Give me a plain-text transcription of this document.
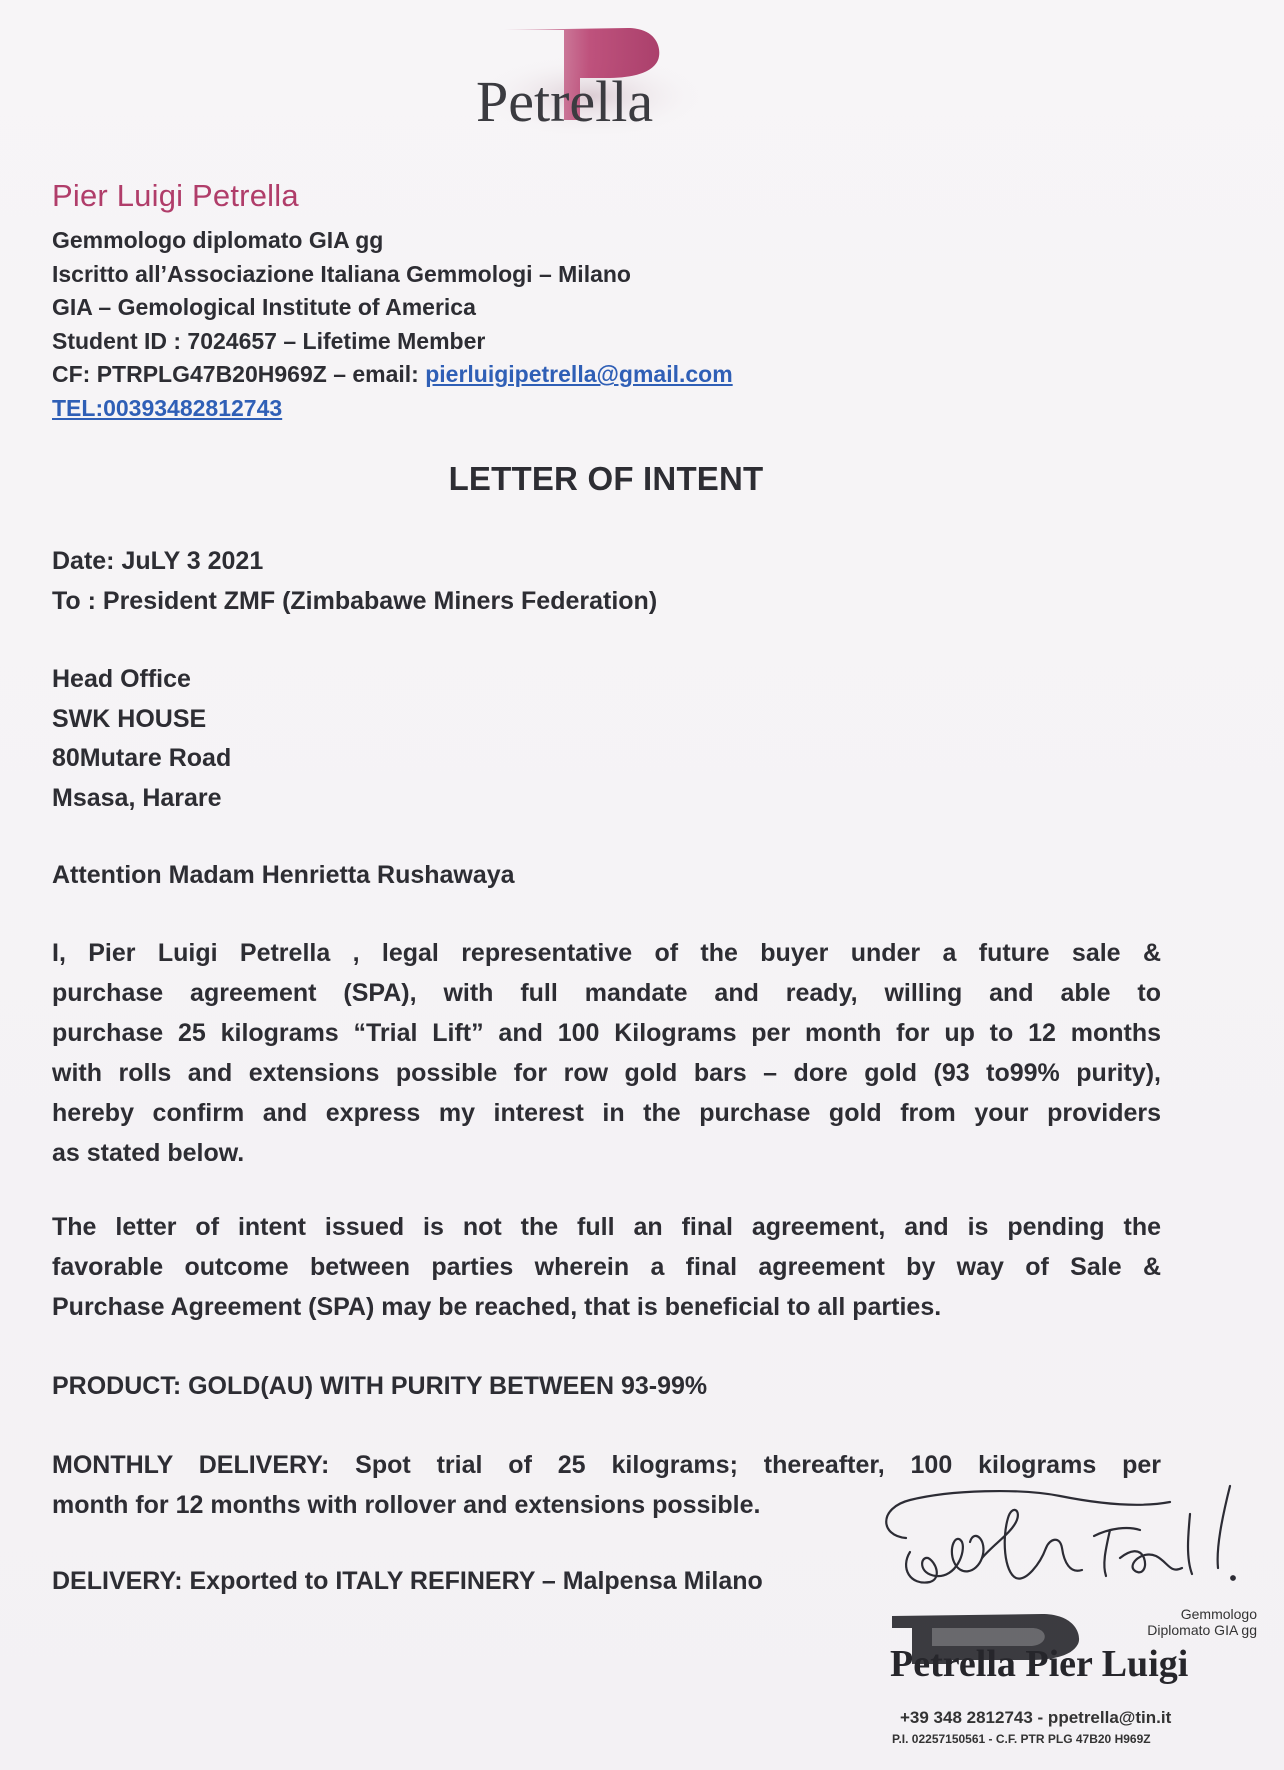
Petrella
Pier Luigi Petrella
Gemmologo diplomato GIA gg
Iscritto all’Associazione Italiana Gemmologi – Milano
GIA – Gemological Institute of America
Student ID : 7024657 – Lifetime Member
CF: PTRPLG47B20H969Z – email: pierluigipetrella@gmail.com
TEL:00393482812743
LETTER OF INTENT
Date: JuLY 3 2021
To : President ZMF (Zimbabawe Miners Federation)
Head Office
SWK HOUSE
80Mutare Road
Msasa, Harare
Attention Madam Henrietta Rushawaya
I, Pier Luigi Petrella , legal representative of the buyer under a future sale &
purchase agreement (SPA), with full mandate and ready, willing and able to
purchase 25 kilograms “Trial Lift” and 100 Kilograms per month for up to 12 months
with rolls and extensions possible for row gold bars – dore gold (93 to99% purity),
hereby confirm and express my interest in the purchase gold from your providers
as stated below.
The letter of intent issued is not the full an final agreement, and is pending the
favorable outcome between parties wherein a final agreement by way of Sale &
Purchase Agreement (SPA) may be reached, that is beneficial to all parties.
PRODUCT: GOLD(AU) WITH PURITY BETWEEN 93-99%
MONTHLY DELIVERY: Spot trial of 25 kilograms; thereafter, 100 kilograms per
month for 12 months with rollover and extensions possible.
DELIVERY: Exported to ITALY REFINERY – Malpensa Milano
Gemmologo
Diplomato GIA gg
Petrella Pier Luigi
+39 348 2812743 - ppetrella@tin.it
P.I. 02257150561 - C.F. PTR PLG 47B20 H969Z
